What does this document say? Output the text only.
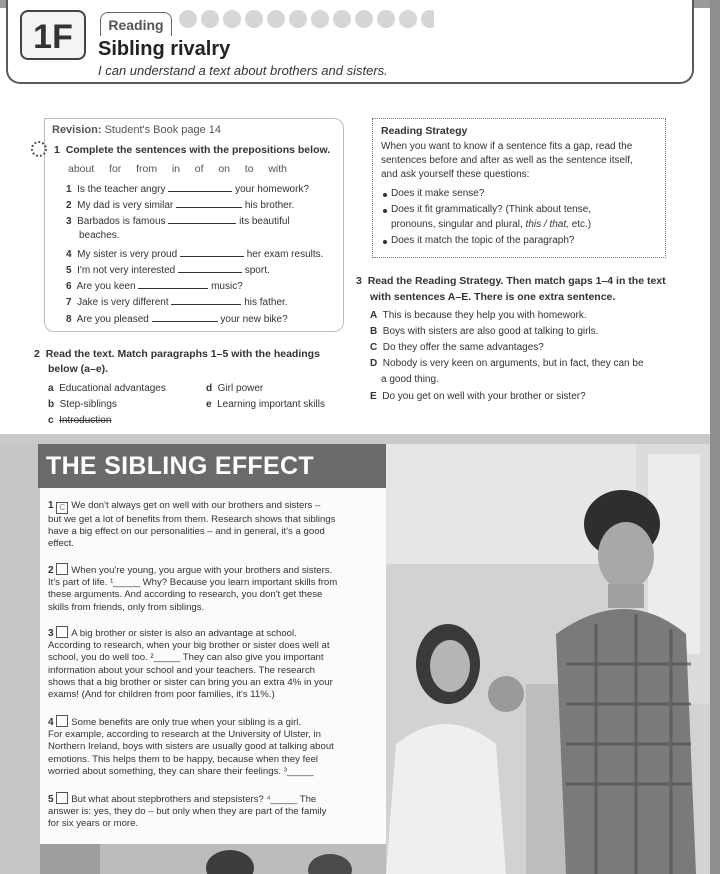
1F	Reading
Sibling rivalry
I can understand a text about brothers and sisters.
Revision: Student's Book page 14
1 Complete the sentences with the prepositions below.
about for from in of on to with
1 Is the teacher angry	your homework?
2 My dad is very similar	his brother.
3 Barbados is famous	its beautiful
beaches.
4 My sister is very proud	her exam results.
5 I'm not very interested	sport.
6 Are you keen	music?
7 Jake is very different	his father.
8 Are you pleased	your new bike?
2 Read the text. Match paragraphs 1–5 with the headings
below (a–e).
a Educational advantages
b Step-siblings
c Introduction
d Girl power
e Learning important skills
Reading Strategy
When you want to know if a sentence fits a gap, read the
sentences before and after as well as the sentence itself,
and ask yourself these questions:
Does it make sense?
Does it fit grammatically? (Think about tense,
pronouns, singular and plural, this / that, etc.)
Does it match the topic of the paragraph?
3 Read the Reading Strategy. Then match gaps 1–4 in the text
with sentences A–E. There is one extra sentence.
A This is because they help you with homework.
B Boys with sisters are also good at talking to girls.
C Do they offer the same advantages?
D Nobody is very keen on arguments, but in fact, they can be
a good thing.
E Do you get on well with your brother or sister?
THE SIBLING EFFECT
1 C We don't always get on well with our brothers and sisters –
but we get a lot of benefits from them. Research shows that siblings
have a big effect on our personalities – and in general, it's a good
effect.
2 When you're young, you argue with your brothers and sisters.
It's part of life. ¹_____ Why? Because you learn important skills from
these arguments. And according to research, you don't get these
skills from friends, only from siblings.
3 A big brother or sister is also an advantage at school.
According to research, when your big brother or sister does well at
school, you do well too. ²_____ They can also give you important
information about your school and your teachers. The research
shows that a big brother or sister can bring you an extra 4% in your
exams! (And for children from poor families, it's 11%.)
4 Some benefits are only true when your sibling is a girl.
For example, according to research at the University of Ulster, in
Northern Ireland, boys with sisters are usually good at talking about
emotions. This helps them to be happy, because when they feel
worried about something, they can share their feelings. ³_____
5 But what about stepbrothers and stepsisters? ⁴_____ The
answer is: yes, they do – but only when they are part of the family
for six years or more.
